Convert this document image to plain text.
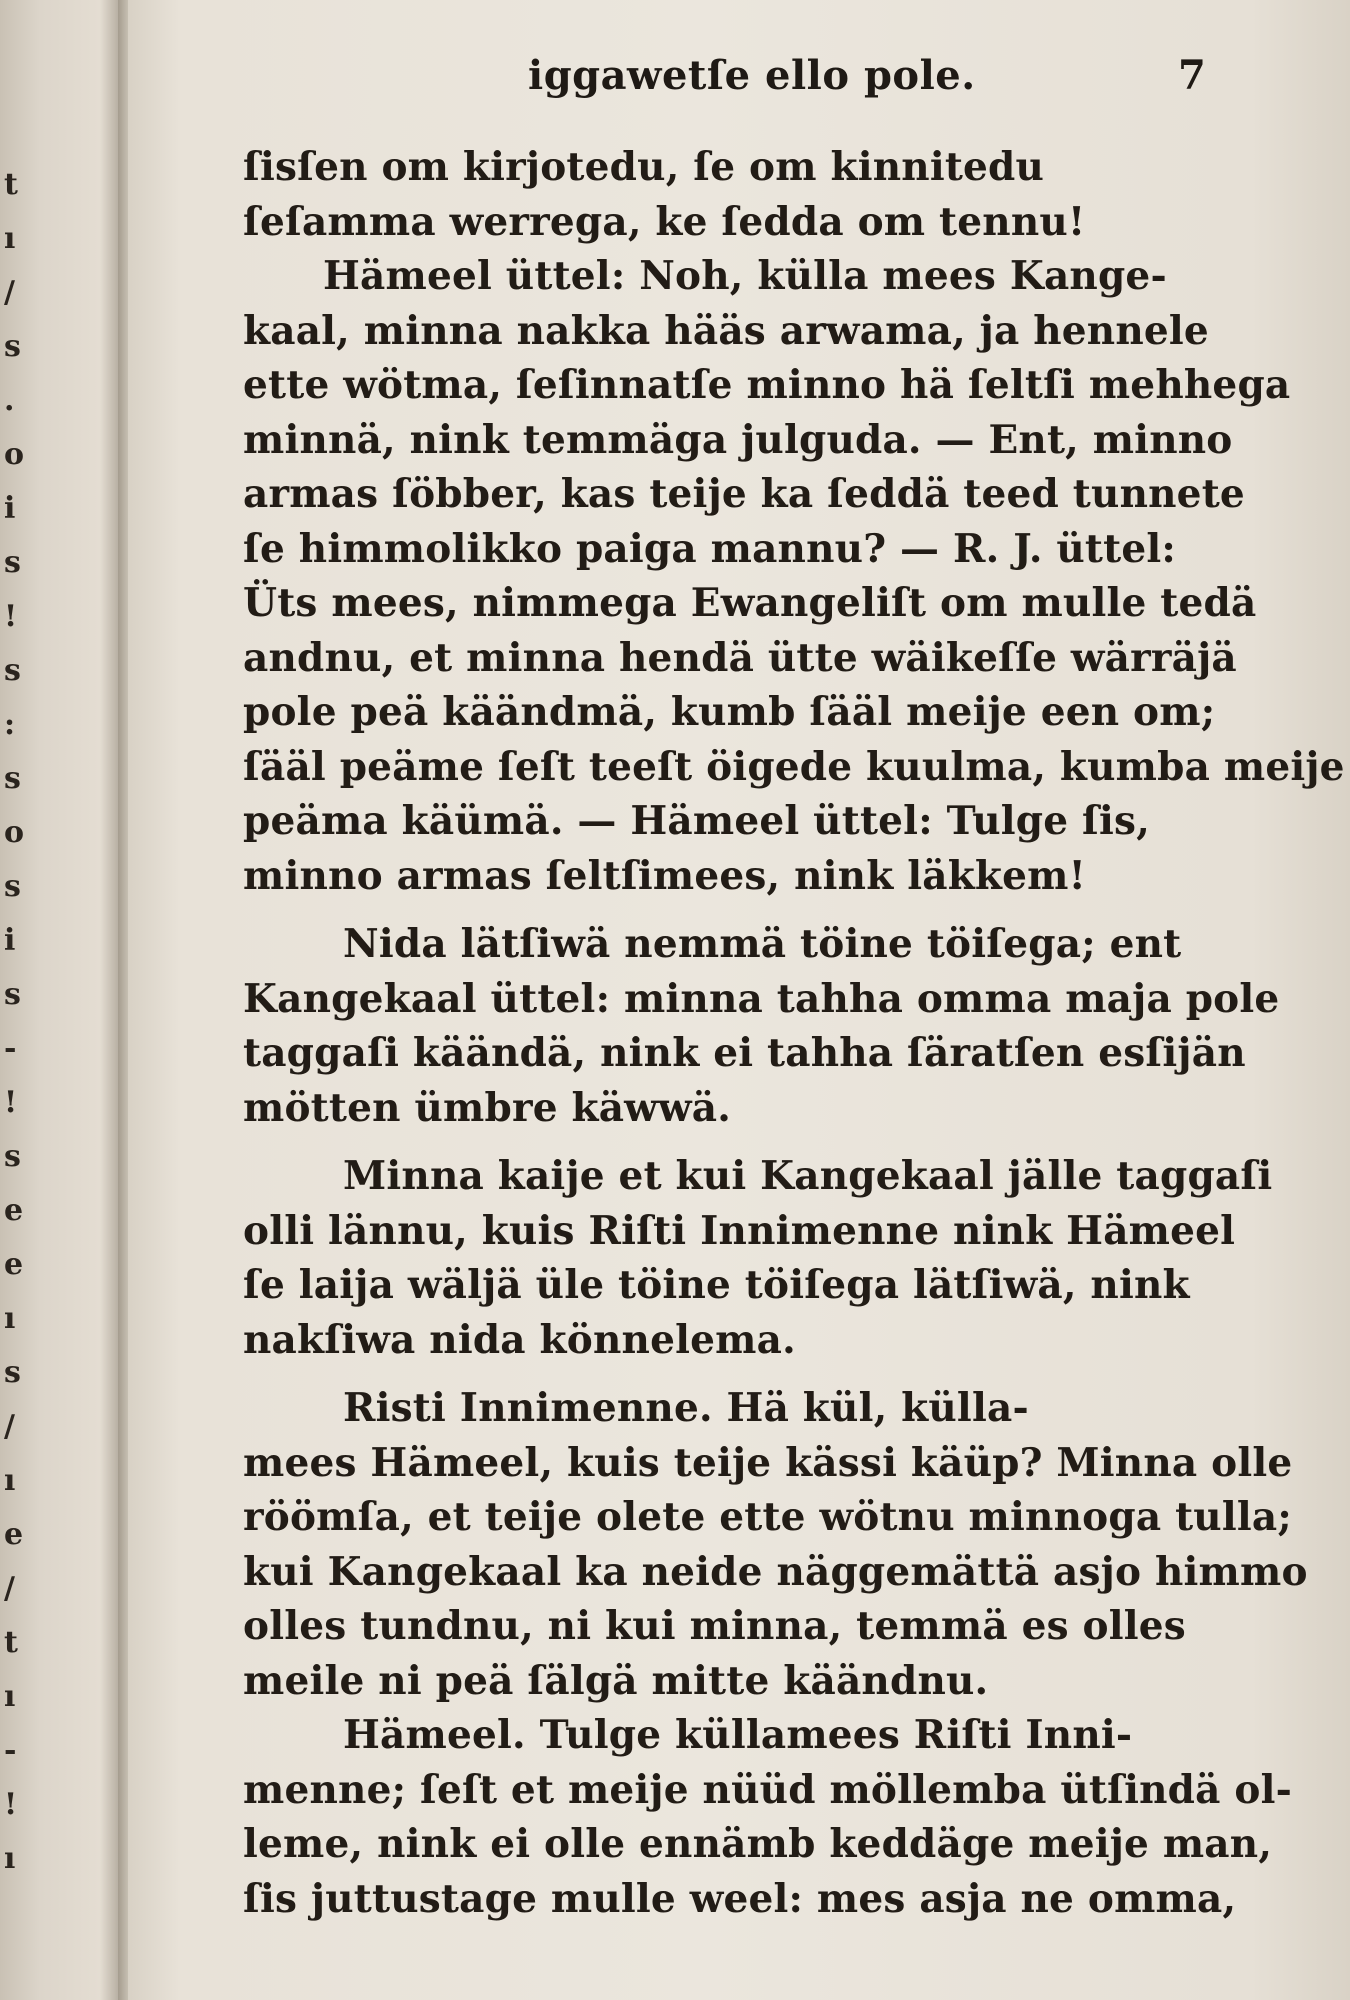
t
ı
/
s
.
o
i
s
!
s
:
s
o
s
i
s
-
!
s
e
e
ı
s
/
ı
e
/
t
ı
-
!
ı
iggawetſe ello pole.	7
ſisſen om kirjotedu, ſe om kinnitedu
ſeſamma werrega, ke ſedda om tennu!
Hämeel üttel: Noh, külla mees Kange-
kaal, minna nakka hääs arwama, ja hennele
ette wötma, ſeſinnatſe minno hä ſeltſi mehhega
minnä, nink temmäga julguda. — Ent, minno
armas ſöbber, kas teije ka ſeddä teed tunnete
ſe himmolikko paiga mannu? — R. J. üttel:
Üts mees, nimmega Ewangeliſt om mulle tedä
andnu, et minna hendä ütte wäikeſſe wärräjä
pole peä käändmä, kumb ſääl meije een om;
ſääl peäme ſeſt teeſt öigede kuulma, kumba meije
peäma käümä. — Hämeel üttel: Tulge ſis,
minno armas ſeltſimees, nink läkkem!
Nida lätſiwä nemmä töine töiſega; ent
Kangekaal üttel: minna tahha omma maja pole
taggaſi käändä, nink ei tahha ſäratſen esſijän
mötten ümbre käwwä.
Minna kaije et kui Kangekaal jälle taggaſi
olli lännu, kuis Riſti Innimenne nink Hämeel
ſe laija wäljä üle töine töiſega lätſiwä, nink
nakſiwa nida könnelema.
Risti Innimenne. Hä kül, külla-
mees Hämeel, kuis teije kässi käüp? Minna olle
röömſa, et teije olete ette wötnu minnoga tulla;
kui Kangekaal ka neide näggemättä asjo himmo
olles tundnu, ni kui minna, temmä es olles
meile ni peä ſälgä mitte käändnu.
Hämeel. Tulge küllamees Riſti Inni-
menne; ſeſt et meije nüüd möllemba ütſindä ol-
leme, nink ei olle ennämb keddäge meije man,
ſis juttustage mulle weel: mes asja ne omma,
